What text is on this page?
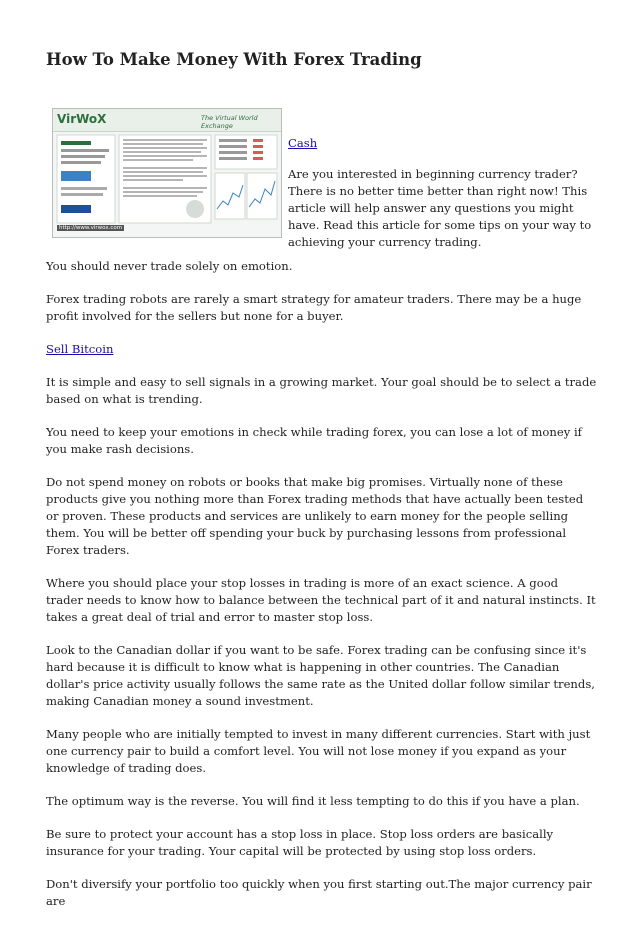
How To Make Money With Forex Trading
VirWoX	The Virtual World Exchange
http://www.virwox.com

Cash

Are you interested in beginning currency trader? There is no better time better than right now! This article will help answer any questions you might have. Read this article for some tips on your way to achieving your currency trading.

You should never trade solely on emotion.

Forex trading robots are rarely a smart strategy for amateur traders. There may be a huge profit involved for the sellers but none for a buyer.

Sell Bitcoin

It is simple and easy to sell signals in a growing market. Your goal should be to select a trade based on what is trending.

You need to keep your emotions in check while trading forex, you can lose a lot of money if you make rash decisions.

Do not spend money on robots or books that make big promises. Virtually none of these products give you nothing more than Forex trading methods that have actually been tested or proven. These products and services are unlikely to earn money for the people selling them. You will be better off spending your buck by purchasing lessons from professional Forex traders.

Where you should place your stop losses in trading is more of an exact science. A good trader needs to know how to balance between the technical part of it and natural instincts. It takes a great deal of trial and error to master stop loss.

Look to the Canadian dollar if you want to be safe. Forex trading can be confusing since it's hard because it is difficult to know what is happening in other countries. The Canadian dollar's price activity usually follows the same rate as the United dollar follow similar trends, making Canadian money a sound investment.

Many people who are initially tempted to invest in many different currencies. Start with just one currency pair to build a comfort level. You will not lose money if you expand as your knowledge of trading does.

The optimum way is the reverse. You will find it less tempting to do this if you have a plan.

Be sure to protect your account has a stop loss in place. Stop loss orders are basically insurance for your trading. Your capital will be protected by using stop loss orders.

Don't diversify your portfolio too quickly when you first starting out.The major currency pair are
